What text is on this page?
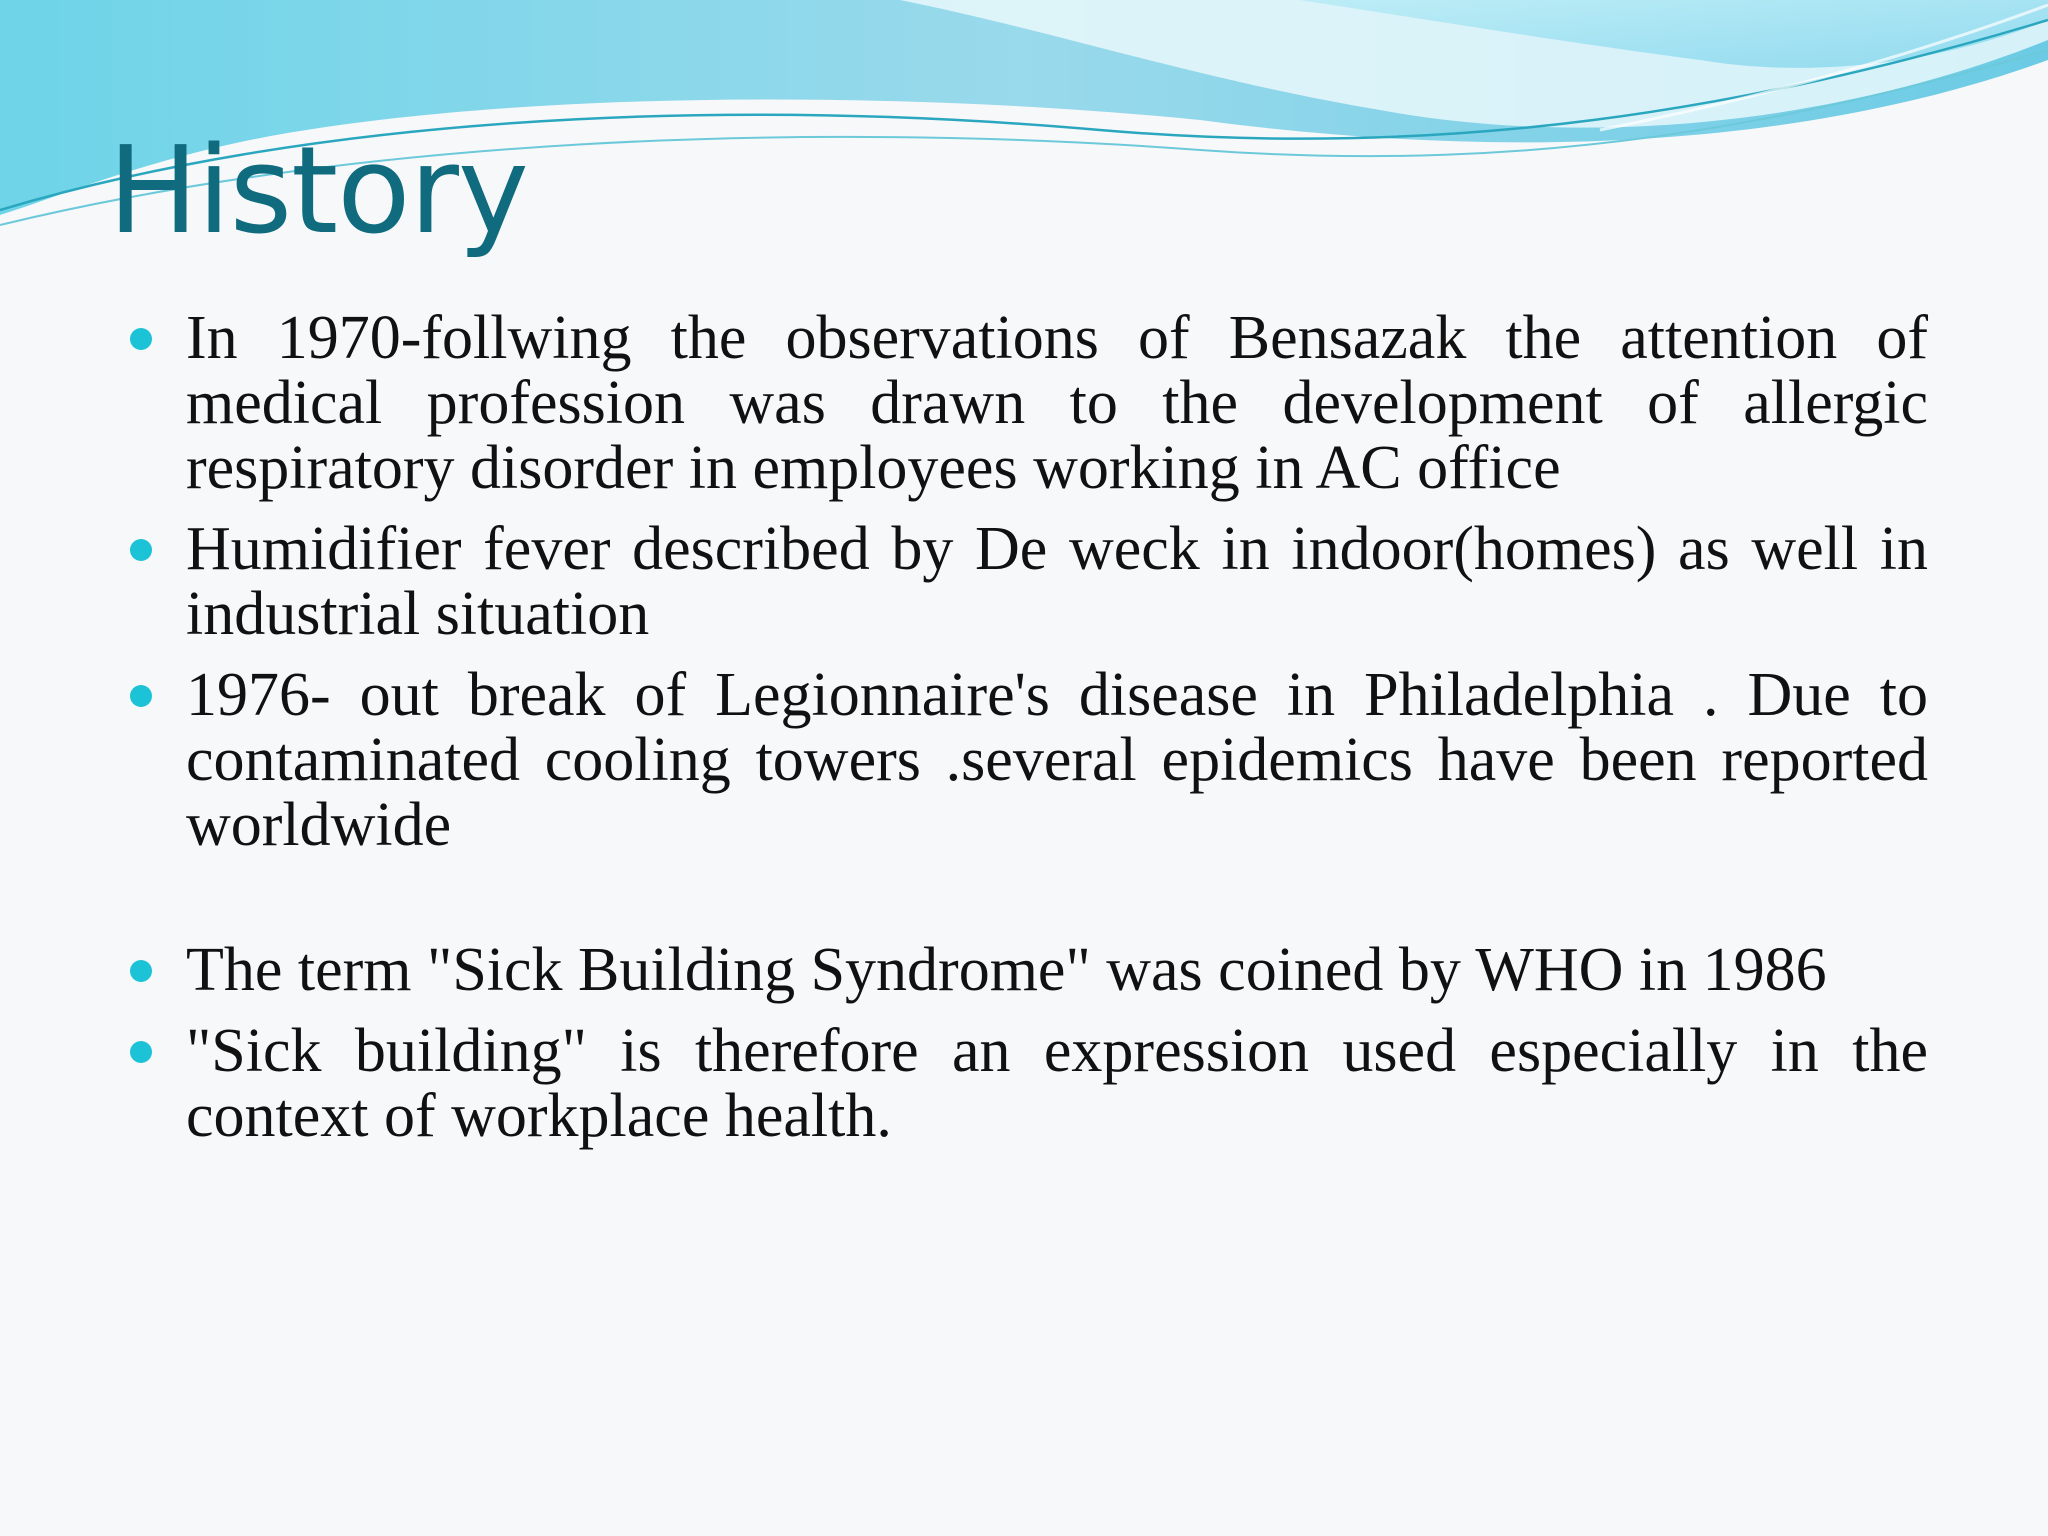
History
In 1970-follwing the observations of Bensazak the attention of medical profession was drawn to the development of allergic respiratory disorder in employees working in AC office
Humidifier fever described by De weck in indoor(homes) as well in industrial situation
1976- out break of Legionnaire's disease in Philadelphia . Due to contaminated cooling towers .several epidemics have been reported worldwide
The term "Sick Building Syndrome" was coined by WHO in 1986
"Sick building" is therefore an expression used especially in the context of workplace health.
